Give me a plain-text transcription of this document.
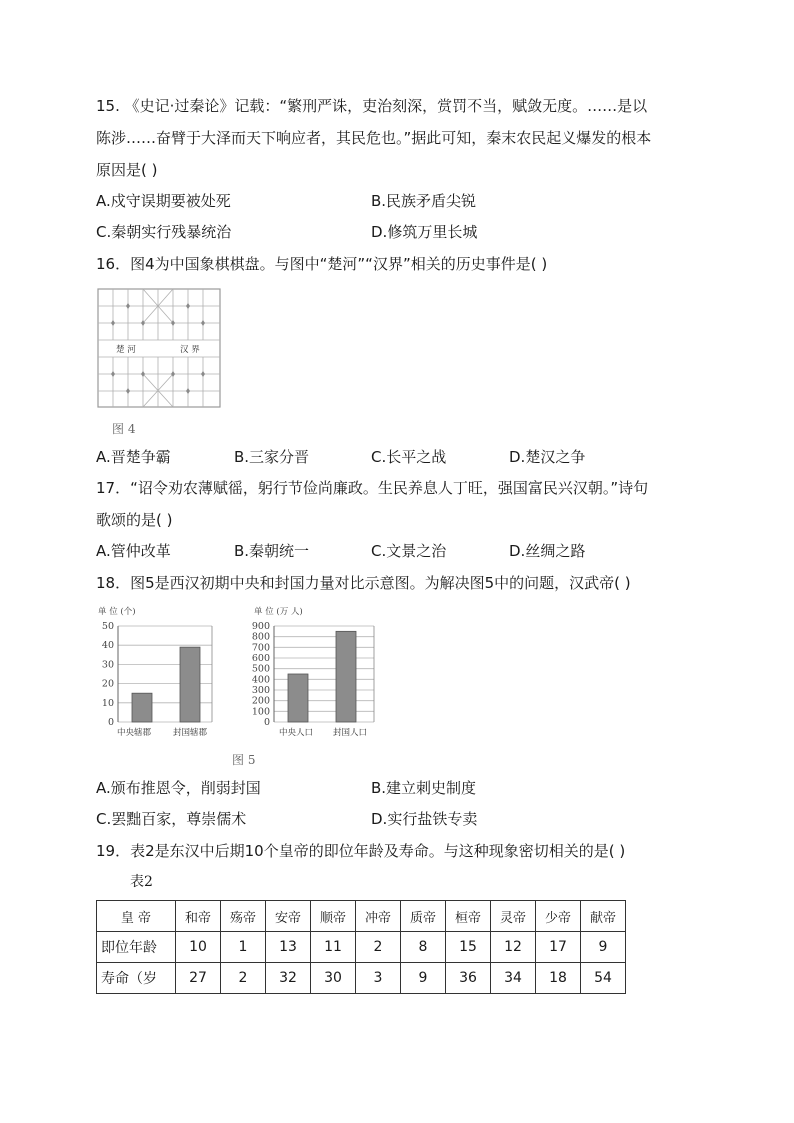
15. 《史记·过秦论》记载：“繁刑严诛，吏治刻深，赏罚不当，赋敛无度。……是以
陈涉……奋臂于大泽而天下响应者，其民危也。”据此可知，秦末农民起义爆发的根本
原因是( )
A.戍守误期要被处死	B.民族矛盾尖锐
C.秦朝实行残暴统治	D.修筑万里长城
16．图4为中国象棋棋盘。与图中“楚河”“汉界”相关的历史事件是( )
楚 河	汉 界
图 4
A.晋楚争霸	B.三家分晋	C.长平之战	D.楚汉之争
17．“诏令劝农薄赋徭，躬行节俭尚廉政。生民养息人丁旺，强国富民兴汉朝。”诗句
歌颂的是( )
A.管仲改革	B.秦朝统一	C.文景之治	D.丝绸之路
18．图5是西汉初期中央和封国力量对比示意图。为解决图5中的问题，汉武帝( )
单 位 (个)
0
10
20
30
40
50
中央辖郡	封国辖郡
单 位 (万 人)
0
100
200
300
400
500
600
700
800
900
中央人口 封国人口
图 5
A.颁布推恩令，削弱封国	B.建立刺史制度
C.罢黜百家，尊崇儒术	D.实行盐铁专卖
19．表2是东汉中后期10个皇帝的即位年龄及寿命。与这种现象密切相关的是( )
表2
皇 帝	和帝	殇帝	安帝	顺帝	冲帝	质帝	桓帝	灵帝	少帝	献帝
即位年龄	10	1	13	11	2	8	15	12	17	9
寿命（岁	27	2	32	30	3	9	36	34	18	54
